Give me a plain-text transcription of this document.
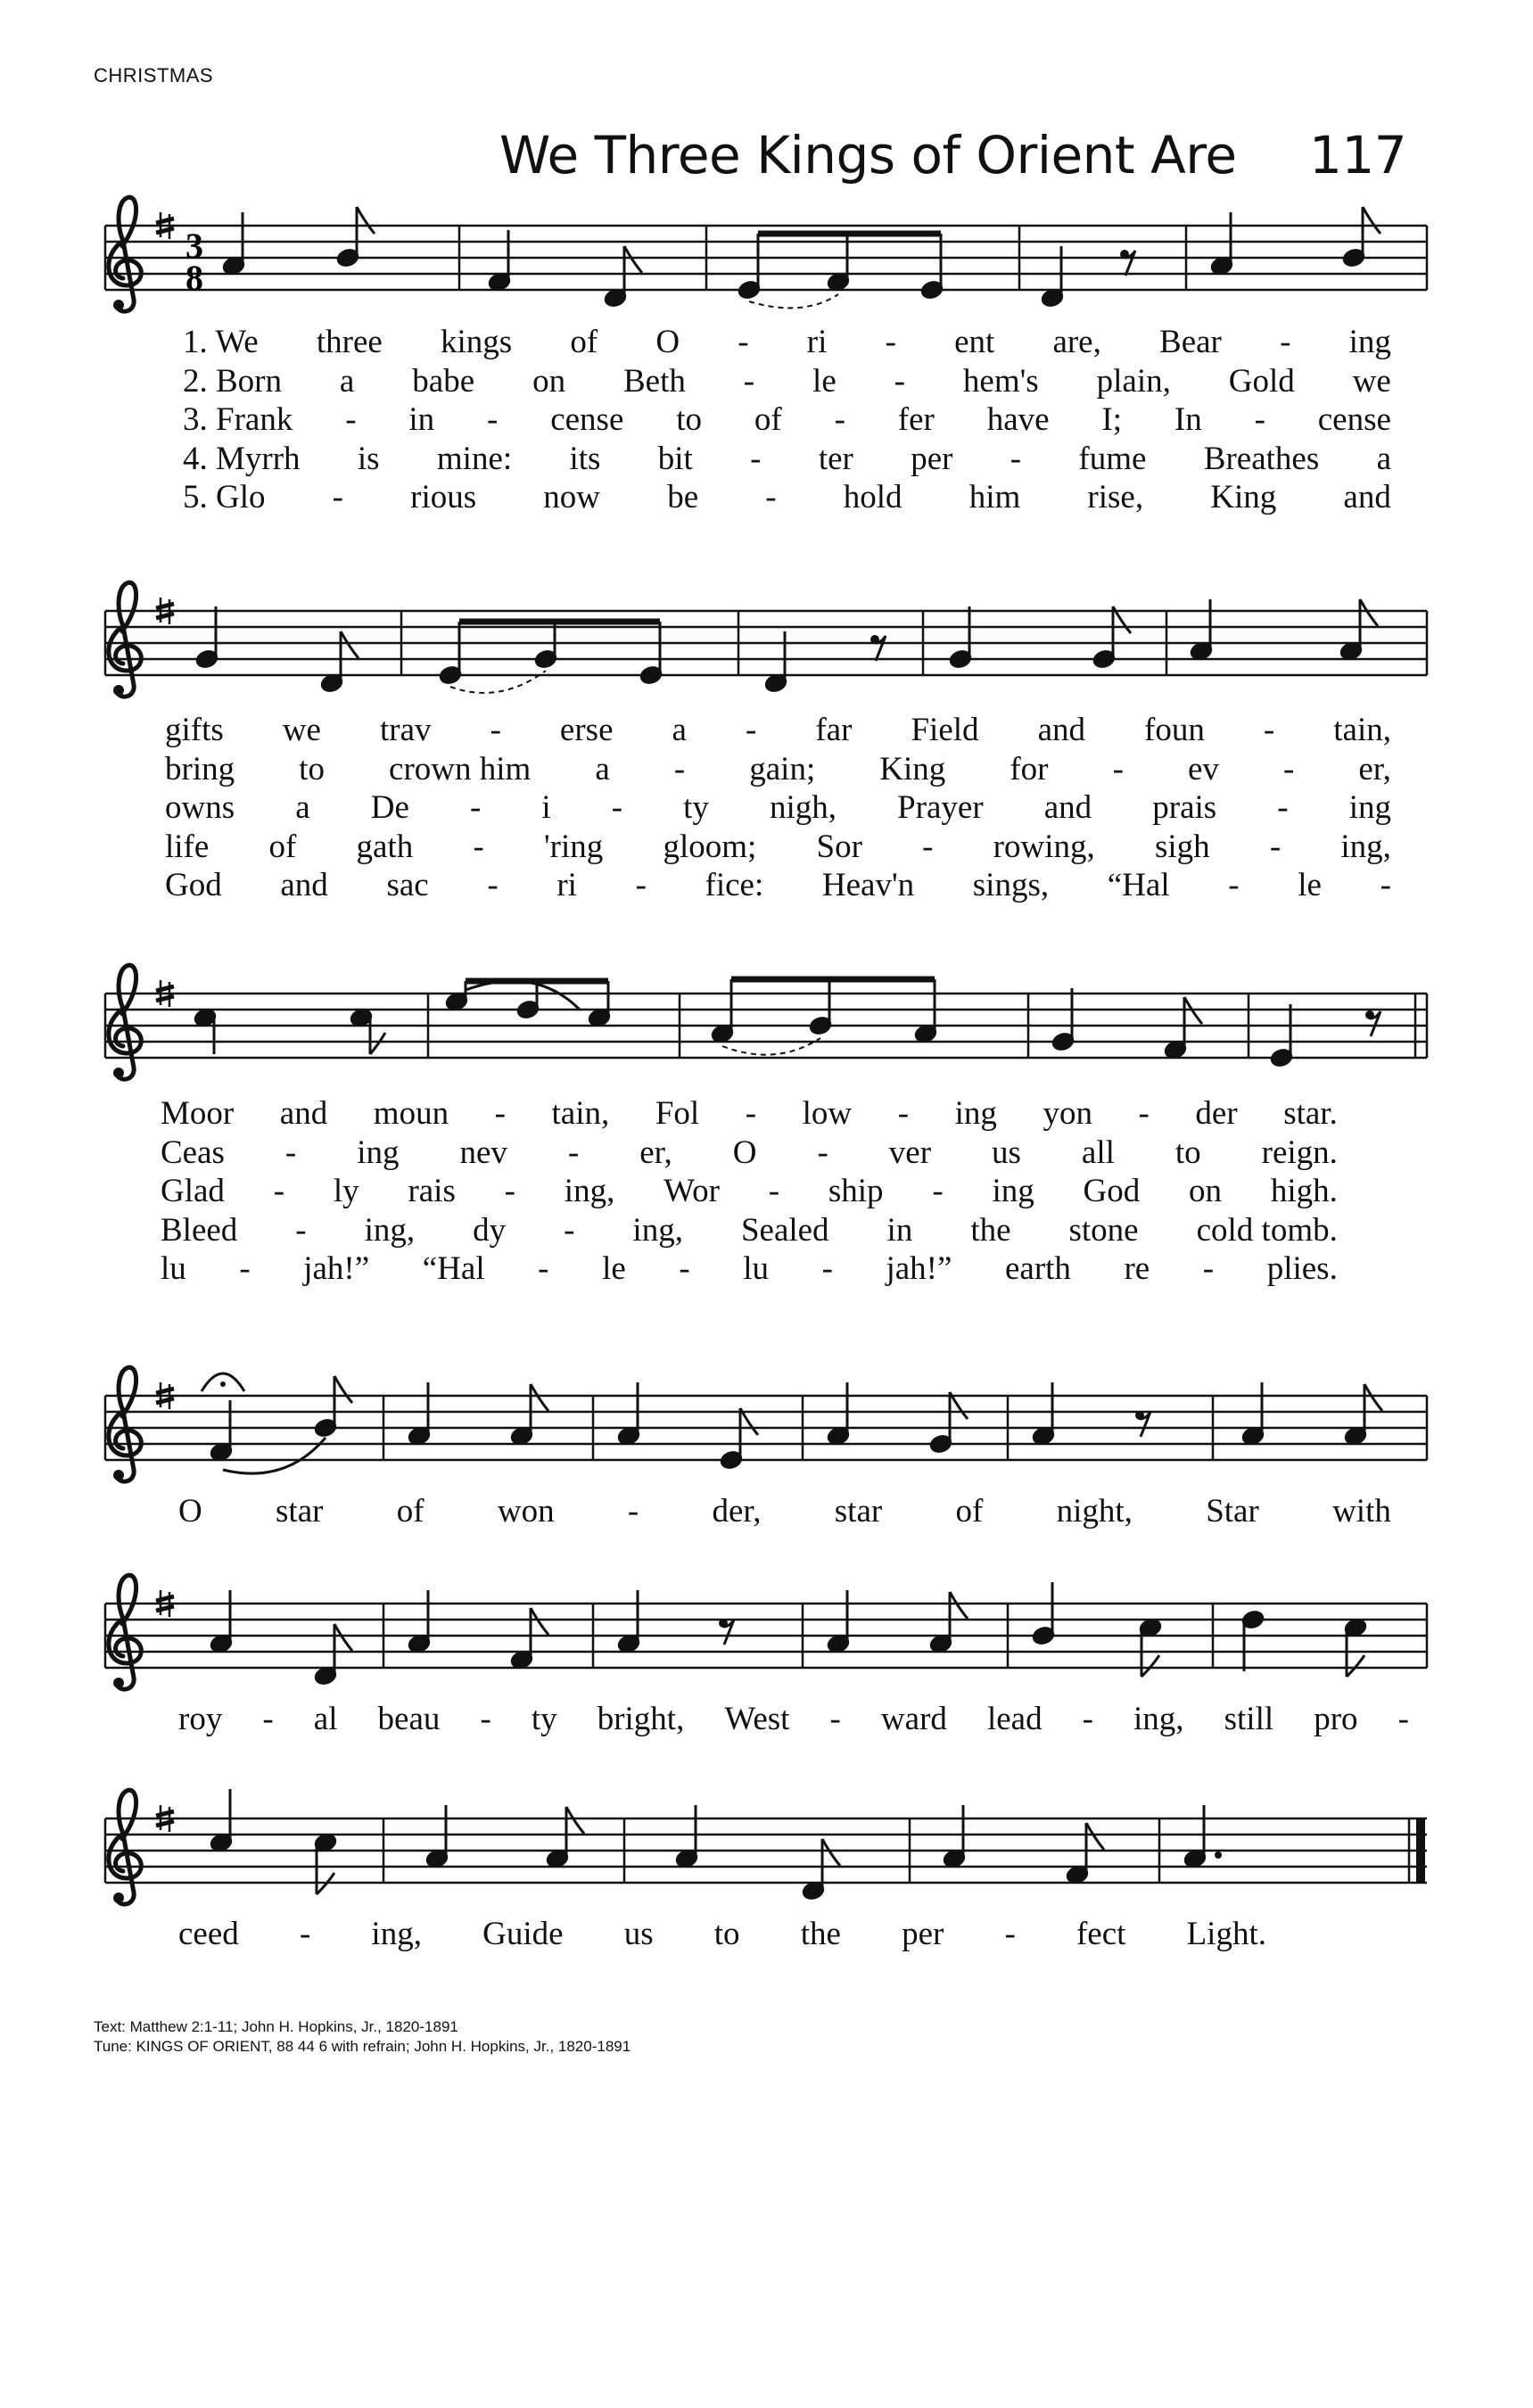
CHRISTMAS
We Three Kings of Orient Are 117
3
8
1. We three kings of O - ri - ent are, Bear - ing
2. Born a babe on Beth - le - hem's plain, Gold we
3. Frank - in - cense to of - fer have I; In - cense
4. Myrrh is mine: its bit - ter per - fume Breathes a
5. Glo - rious now be - hold him rise, King and
gifts we trav - erse a - far Field and foun - tain,
bring to crown him a - gain; King for - ev - er,
owns a De - i - ty nigh, Prayer and prais - ing
life of gath - 'ring gloom; Sor - rowing, sigh - ing,
God and sac - ri - fice: Heav'n sings, “Hal - le -
Moor and moun - tain, Fol - low - ing yon - der star.
Ceas - ing nev - er, O - ver us all to reign.
Glad - ly rais - ing, Wor - ship - ing God on high.
Bleed - ing, dy - ing, Sealed in the stone cold tomb.
lu - jah!” “Hal - le - lu - jah!” earth re - plies.
O star of won - der, star of night, Star with
roy - al beau - ty bright, West - ward lead - ing, still pro -
ceed - ing, Guide us to the per - fect Light.
Text: Matthew 2:1-11; John H. Hopkins, Jr., 1820-1891
Tune: KINGS OF ORIENT, 88 44 6 with refrain; John H. Hopkins, Jr., 1820-1891
